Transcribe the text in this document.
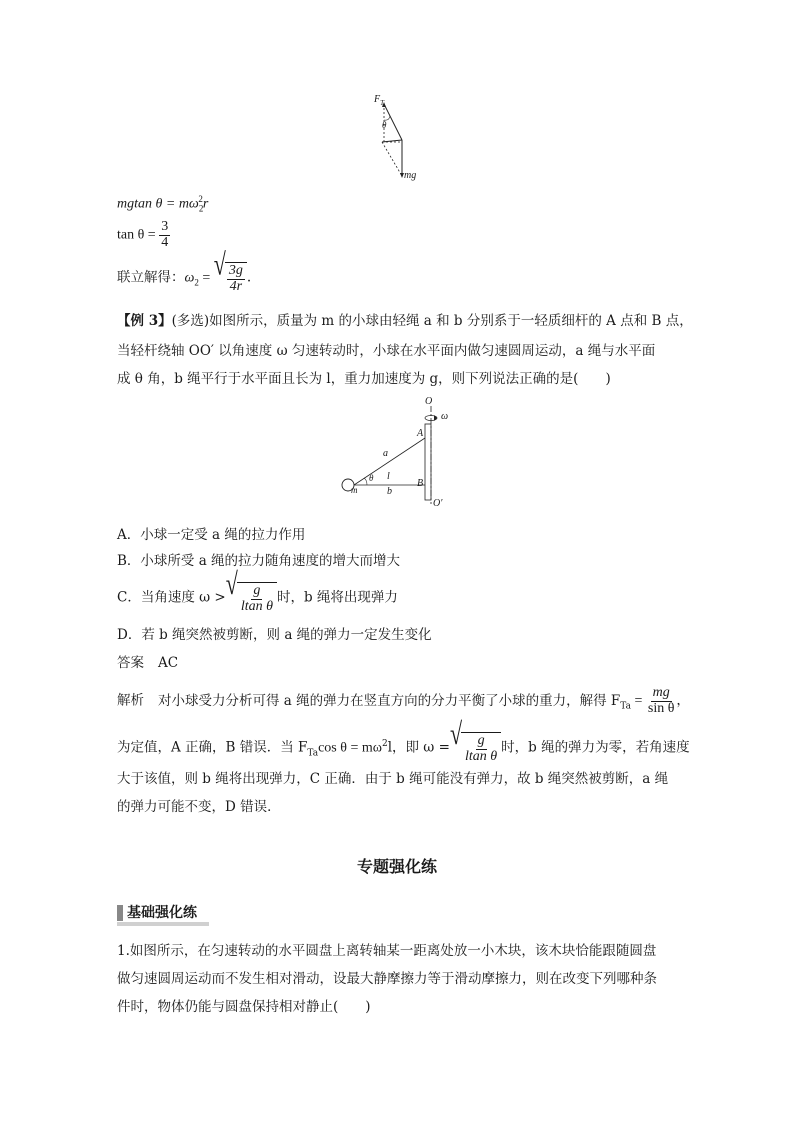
$F_T$
θ
mg
mgtan $\theta = m\omega_2^2r$
$\tan \theta = \frac{3}{4}$
联立解得：$\omega_2$ = √ $\frac{3g}{4r}$ .
【例 3】(多选)如图所示，质量为 m 的小球由轻绳 a 和 b 分别系于一轻质细杆的 A 点和 B 点，
当轻杆绕轴 OO′ 以角速度 ω 匀速转动时，小球在水平面内做匀速圆周运动，a 绳与水平面
成 θ 角，b 绳平行于水平面且长为 l，重力加速度为 g，则下列说法正确的是(　　)
O
ω
A
a
θ l
m	b
B
O′
A．小球一定受 a 绳的拉力作用
B．小球所受 a 绳的拉力随角速度的增大而增大
C．当角速度 ω > √ $\frac{g}{\text{ltan θ}}$ 时，b 绳将出现弹力
D．若 b 绳突然被剪断，则 a 绳的弹力一定发生变化
答案 AC
解析 对小球受力分析可得 a 绳的弹力在竖直方向的分力平衡了小球的重力，解得 $F_{Ta} = \frac{mg}{\text{sin θ}}$ ，
为定值，A 正确，B 错误．当 $F_{Ta}\cos$ $\theta = m\omega^2l$，即 ω = √ $\frac{g}{\text{ltan θ}}$ 时，b 绳的弹力为零，若角速度
大于该值，则 b 绳将出现弹力，C 正确．由于 b 绳可能没有弹力，故 b 绳突然被剪断，a 绳
的弹力可能不变，D 错误．
专题强化练
基础强化练
1.如图所示，在匀速转动的水平圆盘上离转轴某一距离处放一小木块，该木块恰能跟随圆盘
做匀速圆周运动而不发生相对滑动，设最大静摩擦力等于滑动摩擦力，则在改变下列哪种条
件时，物体仍能与圆盘保持相对静止(　　)
